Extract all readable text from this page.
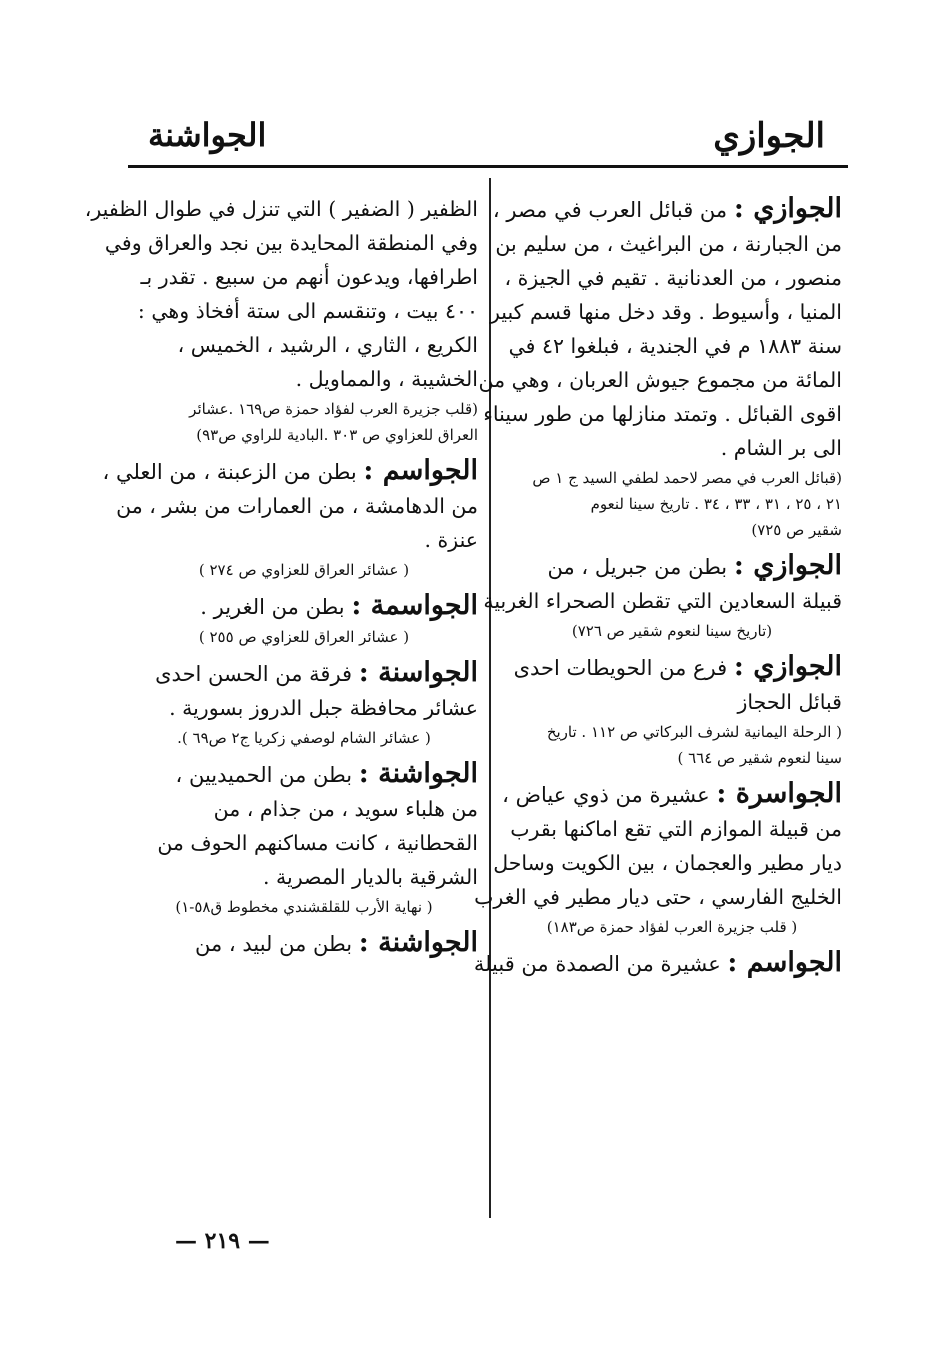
الجوازي
الجواشنة
الجوازي : من قبائل العرب في مصر ،
من الجبارنة ، من البراغيث ، من سليم بن
منصور ، من العدنانية . تقيم في الجيزة ،
المنيا ، وأسيوط . وقد دخل منها قسم كبير
سنة ١٨٨٣ م في الجندية ، فبلغوا ٤٢ في
المائة من مجموع جيوش العربان ، وهي من
اقوى القبائل . وتمتد منازلها من طور سيناء
الى بر الشام .
(قبائل العرب في مصر لاحمد لطفي السيد ج ١ ص
٢١ ، ٢٥ ، ٣١ ، ٣٣ ، ٣٤ . تاريخ سينا لنعوم
شقير ص ٧٢٥)
الجوازي : بطن من جبريل ، من
قبيلة السعادين التي تقطن الصحراء الغربية
(تاريخ سينا لنعوم شقير ص ٧٢٦)
الجوازي : فرع من الحويطات احدى
قبائل الحجاز
( الرحلة اليمانية لشرف البركاتي ص ١١٢ . تاريخ
سينا لنعوم شقير ص ٦٦٤ )
الجواسرة : عشيرة من ذوي عياض ،
من قبيلة الموازم التي تقع اماكنها بقرب
ديار مطير والعجمان ، بين الكويت وساحل
الخليج الفارسي ، حتى ديار مطير في الغرب
( قلب جزيرة العرب لفؤاد حمزة ص١٨٣)
الجواسم : عشيرة من الصمدة من قبيلة
الظفير ( الضفير ) التي تنزل في طوال الظفير،
وفي المنطقة المحايدة بين نجد والعراق وفي
اطرافها، ويدعون أنهم من سبيع . تقدر بـ
٤٠٠ بيت ، وتنقسم الى ستة أفخاذ وهي :
الكريع ، الثاري ، الرشيد ، الخميس ،
الخشيبة ، والمماويل .
(قلب جزيرة العرب لفؤاد حمزة ص١٦٩ .عشائر
العراق للعزاوي ص ٣٠٣ .البادية للراوي ص٩٣)
الجواسم : بطن من الزعبنة ، من العلي ،
من الدهامشة ، من العمارات من بشر ، من
عنزة .
( عشائر العراق للعزاوي ص ٢٧٤ )
الجواسمة : بطن من الغرير .
( عشائر العراق للعزاوي ص ٢٥٥ )
الجواسنة : فرقة من الحسن احدى
عشائر محافظة جبل الدروز بسورية .
( عشائر الشام لوصفي زكريا ج٢ ص٦٩ ).
الجواشنة : بطن من الحميديين ،
من هلباء سويد ، من جذام ، من
القحطانية ، كانت مساكنهم الحوف من
الشرقية بالديار المصرية .
( نهاية الأرب للقلقشندي مخطوط ق٥٨-١)
الجواشنة : بطن من لبيد ، من
— ٢١٩ —
